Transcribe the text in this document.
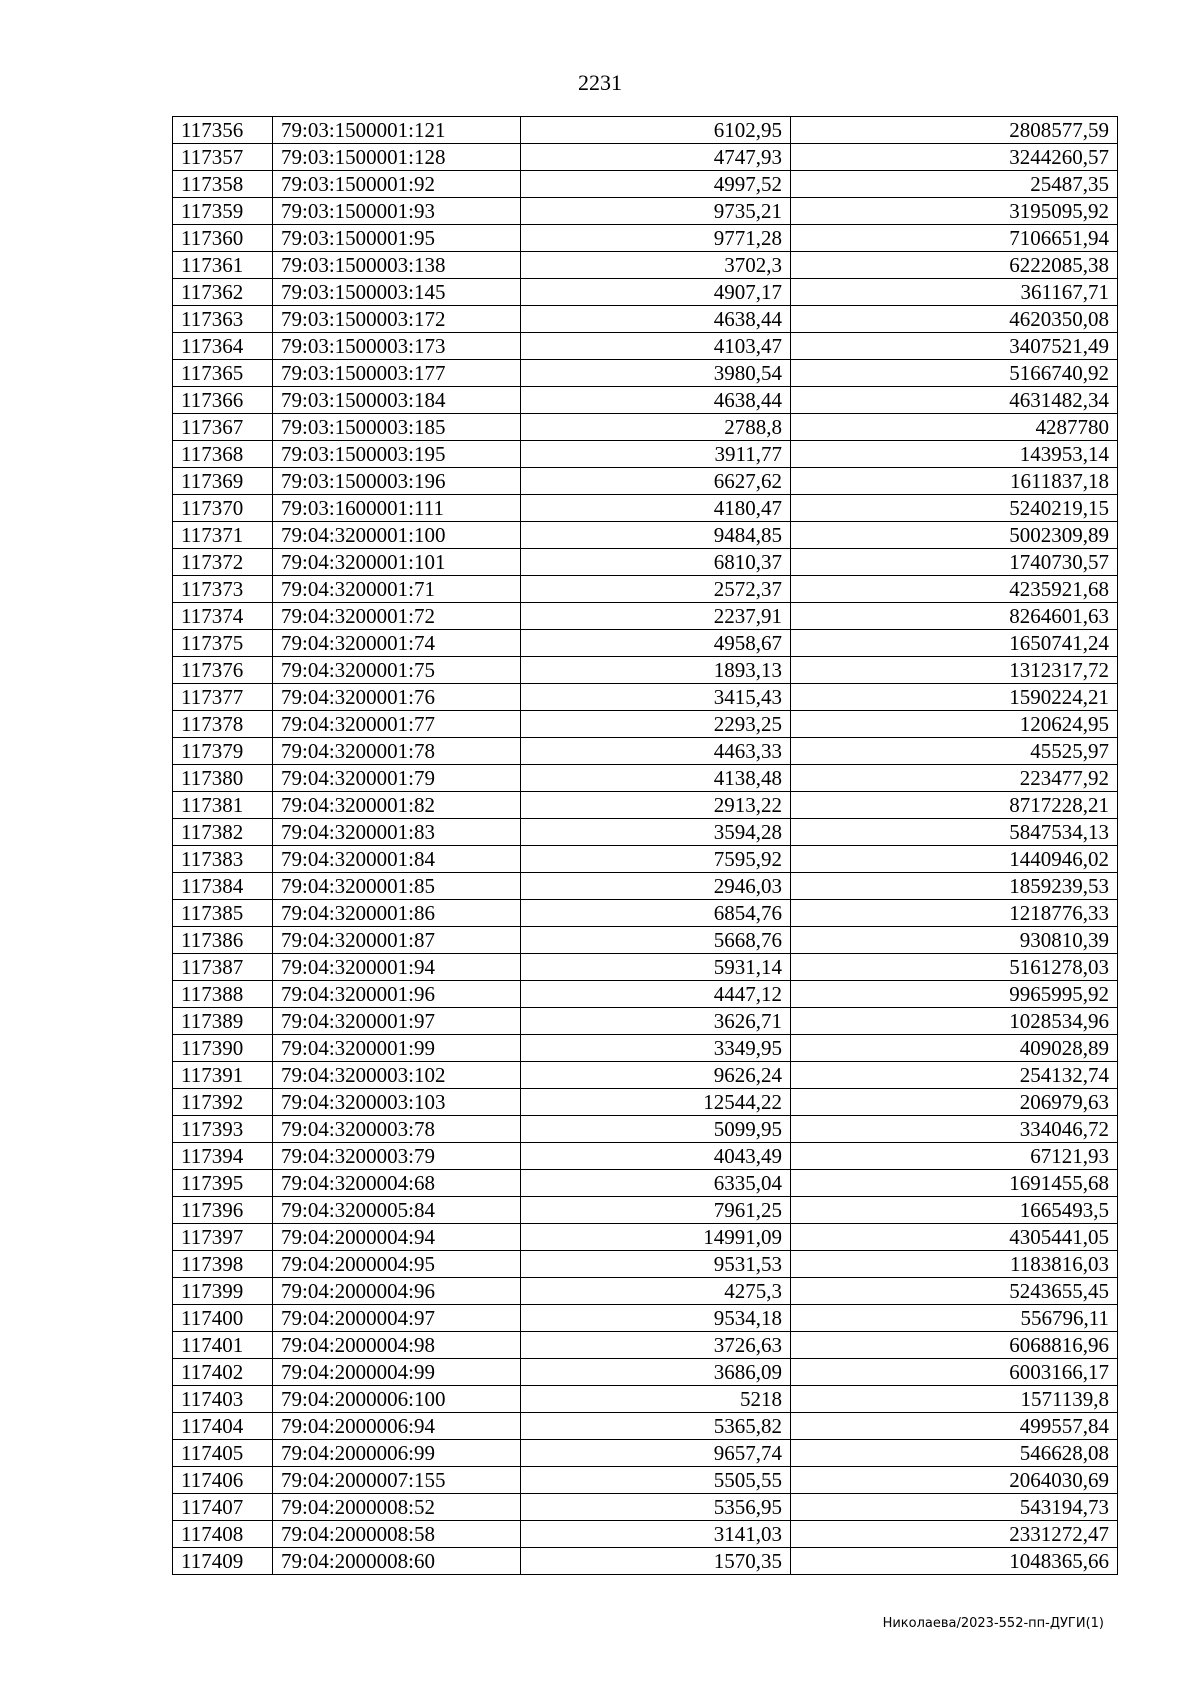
2231
117356	79:03:1500001:121	6102,95	2808577,59
117357	79:03:1500001:128	4747,93	3244260,57
117358	79:03:1500001:92	4997,52	25487,35
117359	79:03:1500001:93	9735,21	3195095,92
117360	79:03:1500001:95	9771,28	7106651,94
117361	79:03:1500003:138	3702,3	6222085,38
117362	79:03:1500003:145	4907,17	361167,71
117363	79:03:1500003:172	4638,44	4620350,08
117364	79:03:1500003:173	4103,47	3407521,49
117365	79:03:1500003:177	3980,54	5166740,92
117366	79:03:1500003:184	4638,44	4631482,34
117367	79:03:1500003:185	2788,8	4287780
117368	79:03:1500003:195	3911,77	143953,14
117369	79:03:1500003:196	6627,62	1611837,18
117370	79:03:1600001:111	4180,47	5240219,15
117371	79:04:3200001:100	9484,85	5002309,89
117372	79:04:3200001:101	6810,37	1740730,57
117373	79:04:3200001:71	2572,37	4235921,68
117374	79:04:3200001:72	2237,91	8264601,63
117375	79:04:3200001:74	4958,67	1650741,24
117376	79:04:3200001:75	1893,13	1312317,72
117377	79:04:3200001:76	3415,43	1590224,21
117378	79:04:3200001:77	2293,25	120624,95
117379	79:04:3200001:78	4463,33	45525,97
117380	79:04:3200001:79	4138,48	223477,92
117381	79:04:3200001:82	2913,22	8717228,21
117382	79:04:3200001:83	3594,28	5847534,13
117383	79:04:3200001:84	7595,92	1440946,02
117384	79:04:3200001:85	2946,03	1859239,53
117385	79:04:3200001:86	6854,76	1218776,33
117386	79:04:3200001:87	5668,76	930810,39
117387	79:04:3200001:94	5931,14	5161278,03
117388	79:04:3200001:96	4447,12	9965995,92
117389	79:04:3200001:97	3626,71	1028534,96
117390	79:04:3200001:99	3349,95	409028,89
117391	79:04:3200003:102	9626,24	254132,74
117392	79:04:3200003:103	12544,22	206979,63
117393	79:04:3200003:78	5099,95	334046,72
117394	79:04:3200003:79	4043,49	67121,93
117395	79:04:3200004:68	6335,04	1691455,68
117396	79:04:3200005:84	7961,25	1665493,5
117397	79:04:2000004:94	14991,09	4305441,05
117398	79:04:2000004:95	9531,53	1183816,03
117399	79:04:2000004:96	4275,3	5243655,45
117400	79:04:2000004:97	9534,18	556796,11
117401	79:04:2000004:98	3726,63	6068816,96
117402	79:04:2000004:99	3686,09	6003166,17
117403	79:04:2000006:100	5218	1571139,8
117404	79:04:2000006:94	5365,82	499557,84
117405	79:04:2000006:99	9657,74	546628,08
117406	79:04:2000007:155	5505,55	2064030,69
117407	79:04:2000008:52	5356,95	543194,73
117408	79:04:2000008:58	3141,03	2331272,47
117409	79:04:2000008:60	1570,35	1048365,66
Николаева/2023-552-пп-ДУГИ(1)
